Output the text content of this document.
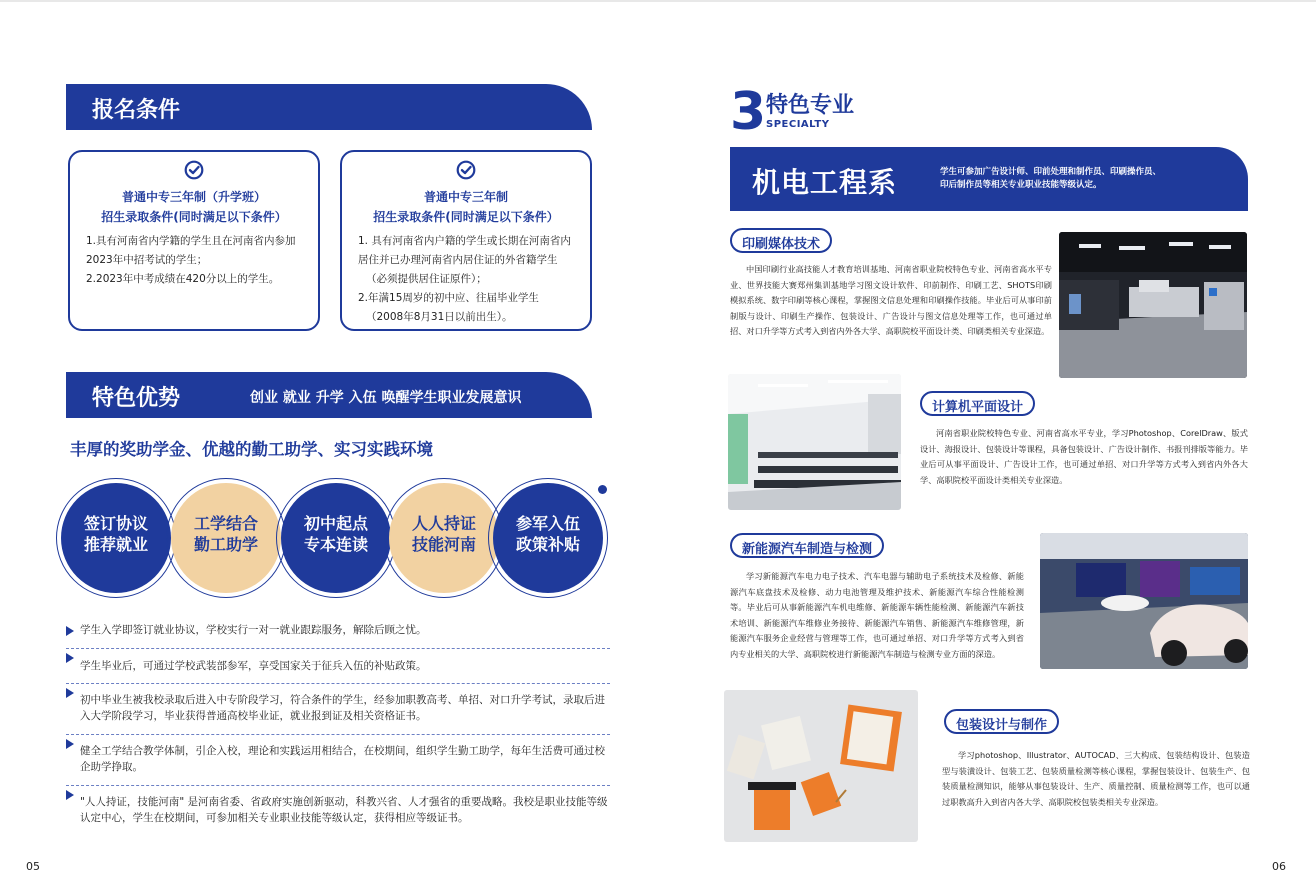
报名条件
普通中专三年制（升学班）
招生录取条件(同时满足以下条件）
1.具有河南省内学籍的学生且在河南省内参加
2023年中招考试的学生；
2.2023年中考成绩在420分以上的学生。
普通中专三年制
招生录取条件(同时满足以下条件）
1. 具有河南省内户籍的学生或长期在河南省内
居住并已办理河南省内居住证的外省籍学生
（必须提供居住证原件）；
2.年满15周岁的初中应、往届毕业学生
（2008年8月31日以前出生）。
特色优势	创业 就业 升学 入伍 唤醒学生职业发展意识
丰厚的奖助学金、优越的勤工助学、实习实践环境
签订协议
推荐就业
工学结合
勤工助学
初中起点
专本连读
人人持证
技能河南
参军入伍
政策补贴
学生入学即签订就业协议，学校实行一对一就业跟踪服务，解除后顾之忧。
学生毕业后，可通过学校武装部参军，享受国家关于征兵入伍的补贴政策。
初中毕业生被我校录取后进入中专阶段学习，符合条件的学生，经参加职教高考、单招、对口升学考试，录取后进入大学阶段学习，毕业获得普通高校毕业证，就业报到证及相关资格证书。
健全工学结合教学体制，引企入校，理论和实践运用相结合，在校期间，组织学生勤工助学，每年生活费可通过校企助学挣取。
"人人持证，技能河南" 是河南省委、省政府实施创新驱动，科教兴省、人才强省的重要战略。我校是职业技能等级认定中心，学生在校期间，可参加相关专业职业技能等级认定，获得相应等级证书。
05
3 特色专业
SPECIALTY
机电工程系	学生可参加广告设计师、印前处理和制作员、印刷操作员、
印后制作员等相关专业职业技能等级认定。
印刷媒体技术
中国印刷行业高技能人才教育培训基地、河南省职业院校特色专业、河南省高水平专业、世界技能大赛郑州集训基地学习图文设计软件、印前制作、印刷工艺、SHOTS印刷模拟系统、数字印刷等核心课程，掌握图文信息处理和印刷操作技能。毕业后可从事印前制版与设计、印刷生产操作、包装设计、广告设计与图文信息处理等工作，也可通过单招、对口升学等方式考入到省内外各大学、高职院校平面设计类、印刷类相关专业深造。
计算机平面设计
河南省职业院校特色专业、河南省高水平专业，学习Photoshop、CorelDraw、版式设计、海报设计、包装设计等课程，具备包装设计、广告设计制作、书报刊排版等能力。毕业后可从事平面设计、广告设计工作，也可通过单招、对口升学等方式考入到省内外各大学、高职院校平面设计类相关专业深造。
新能源汽车制造与检测
学习新能源汽车电力电子技术、汽车电器与辅助电子系统技术及检修、新能源汽车底盘技术及检修、动力电池管理及维护技术、新能源汽车综合性能检测等。毕业后可从事新能源汽车机电维修、新能源车辆性能检测、新能源汽车新技术培训、新能源汽车维修业务接待、新能源汽车销售、新能源汽车维修管理，新能源汽车服务企业经营与管理等工作，也可通过单招、对口升学等方式考入到省内专业相关的大学、高职院校进行新能源汽车制造与检测专业方面的深造。
包装设计与制作
学习photoshop、Illustrator、AUTOCAD、三大构成、包装结构设计、包装造型与装潢设计、包装工艺、包装质量检测等核心课程，掌握包装设计、包装生产、包装质量检测知识，能够从事包装设计、生产、质量控制、质量检测等工作，也可以通过职教高升入到省内各大学、高职院校包装类相关专业深造。
06
